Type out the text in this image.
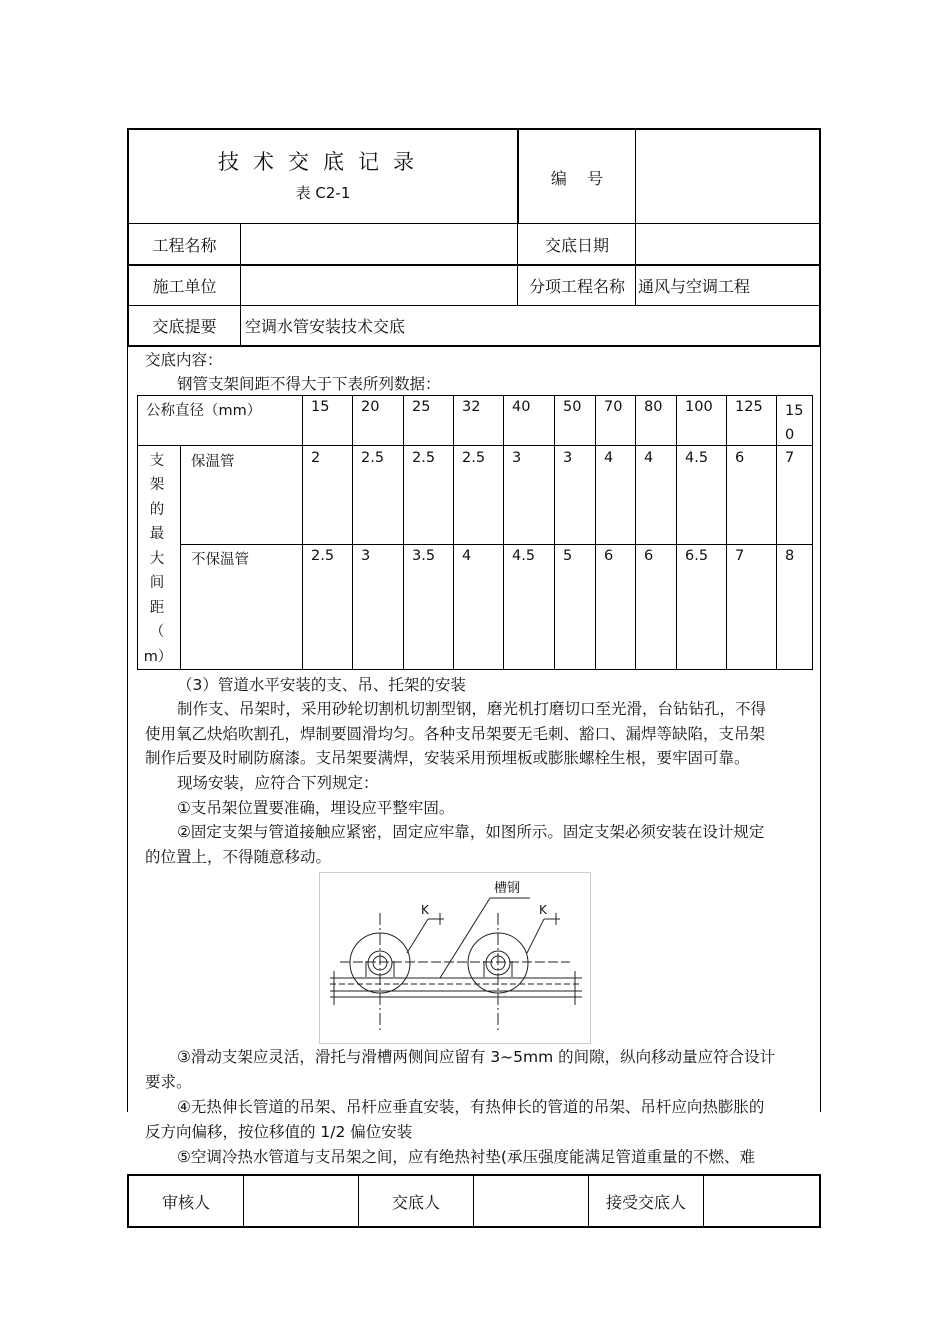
技术交底记录
表 C2-1
编    号
工程名称	交底日期
施工单位	分项工程名称 通风与空调工程
交底提要	空调水管安装技术交底
交底内容：
钢管支架间距不得大于下表所列数据：
公称直径（mm）	15 20 25 32 40 50 70 80 100 125 15
0
支
架
的
最
大
间
距
（
m）
保温管	2	2.5 2.5 2.5 3	3 4 4 4.5 6	7
不保温管	2.5 3	3.5 4	4.5 5 6 6 6.5 7	8
（3）管道水平安装的支、吊、托架的安装
制作支、吊架时，采用砂轮切割机切割型钢，磨光机打磨切口至光滑，台钻钻孔，不得
使用氧乙炔焰吹割孔，焊制要圆滑均匀。各种支吊架要无毛刺、豁口、漏焊等缺陷，支吊架
制作后要及时刷防腐漆。支吊架要满焊，安装采用预埋板或膨胀螺栓生根，要牢固可靠。
现场安装，应符合下列规定：
①支吊架位置要准确，埋设应平整牢固。
②固定支架与管道接触应紧密，固定应牢靠，如图所示。固定支架必须安装在设计规定
的位置上，不得随意移动。
槽钢
K	K
③滑动支架应灵活，滑托与滑槽两侧间应留有 3~5mm 的间隙，纵向移动量应符合设计
要求。
④无热伸长管道的吊架、吊杆应垂直安装，有热伸长的管道的吊架、吊杆应向热膨胀的
反方向偏移，按位移值的 1/2 偏位安装
⑤空调冷热水管道与支吊架之间，应有绝热衬垫(承压强度能满足管道重量的不燃、难
审核人	交底人	接受交底人
